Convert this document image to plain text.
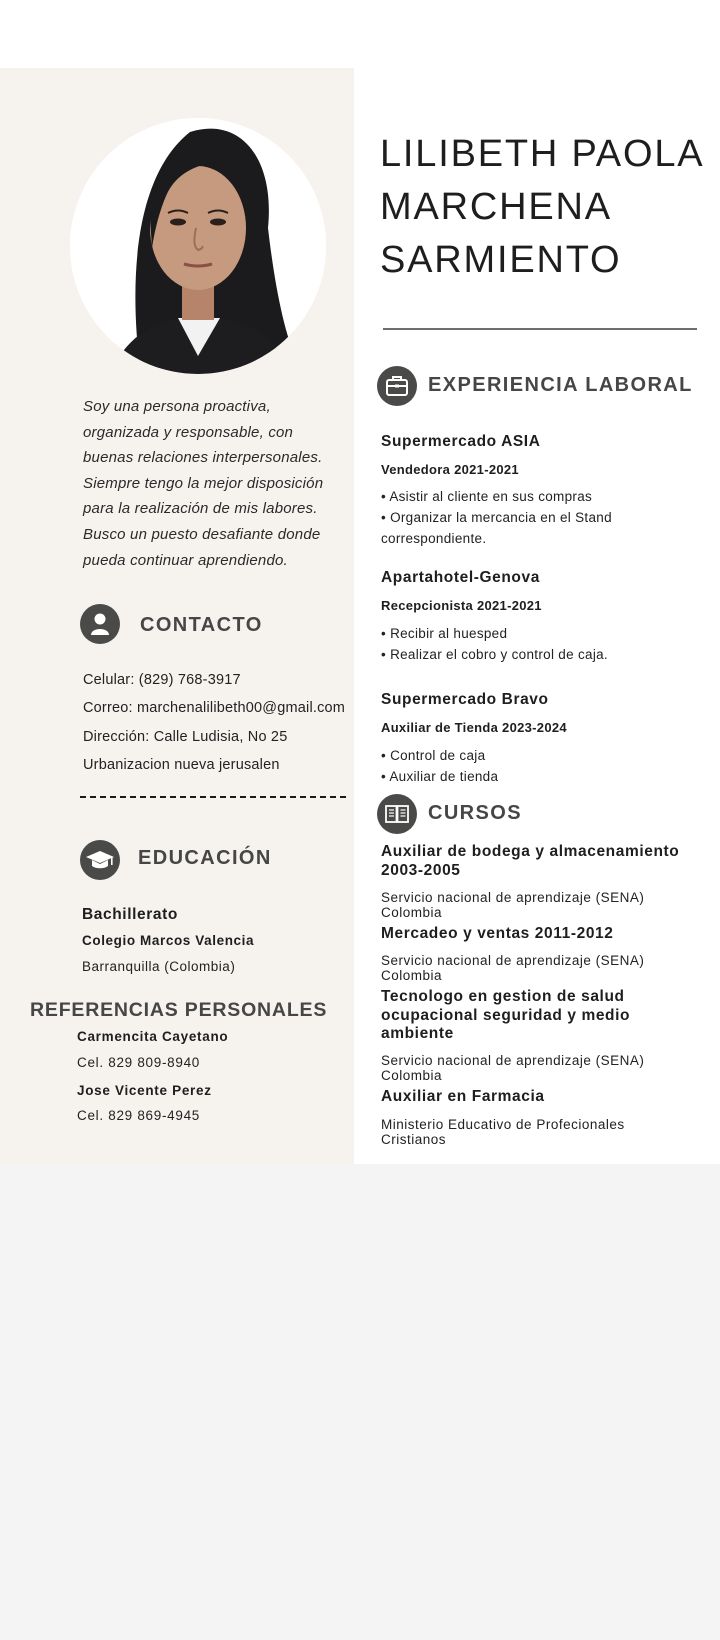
Soy una persona proactiva, organizada y responsable, con buenas relaciones interpersonales. Siempre tengo la mejor disposición para la realización de mis labores. Busco un puesto desafiante donde pueda continuar aprendiendo.

CONTACTO
Celular: (829) 768-3917
Correo: marchenalilibeth00@gmail.com
Dirección: Calle Ludisia, No 25
Urbanizacion nueva jerusalen
EDUCACIÓN
Bachillerato
Colegio Marcos Valencia
Barranquilla (Colombia)
REFERENCIAS PERSONALES
Carmencita Cayetano
Cel. 829 809-8940
Jose Vicente Perez
Cel. 829 869-4945
LILIBETH PAOLA
MARCHENA
SARMIENTO
EXPERIENCIA LABORAL
Supermercado ASIA
Vendedora 2021-2021
• Asistir al cliente en sus compras
• Organizar la mercancia en el Stand correspondiente.
Apartahotel-Genova
Recepcionista 2021-2021
• Recibir al huesped
• Realizar el cobro y control de caja.
Supermercado Bravo
Auxiliar de Tienda 2023-2024
• Control de caja
• Auxiliar de tienda
CURSOS
Auxiliar de bodega y almacenamiento 2003-2005
Servicio nacional de aprendizaje (SENA) Colombia
Mercadeo y ventas 2011-2012
Servicio nacional de aprendizaje (SENA) Colombia
Tecnologo en gestion de salud ocupacional seguridad y medio ambiente
Servicio nacional de aprendizaje (SENA) Colombia
Auxiliar en Farmacia
Ministerio Educativo de Profecionales Cristianos
